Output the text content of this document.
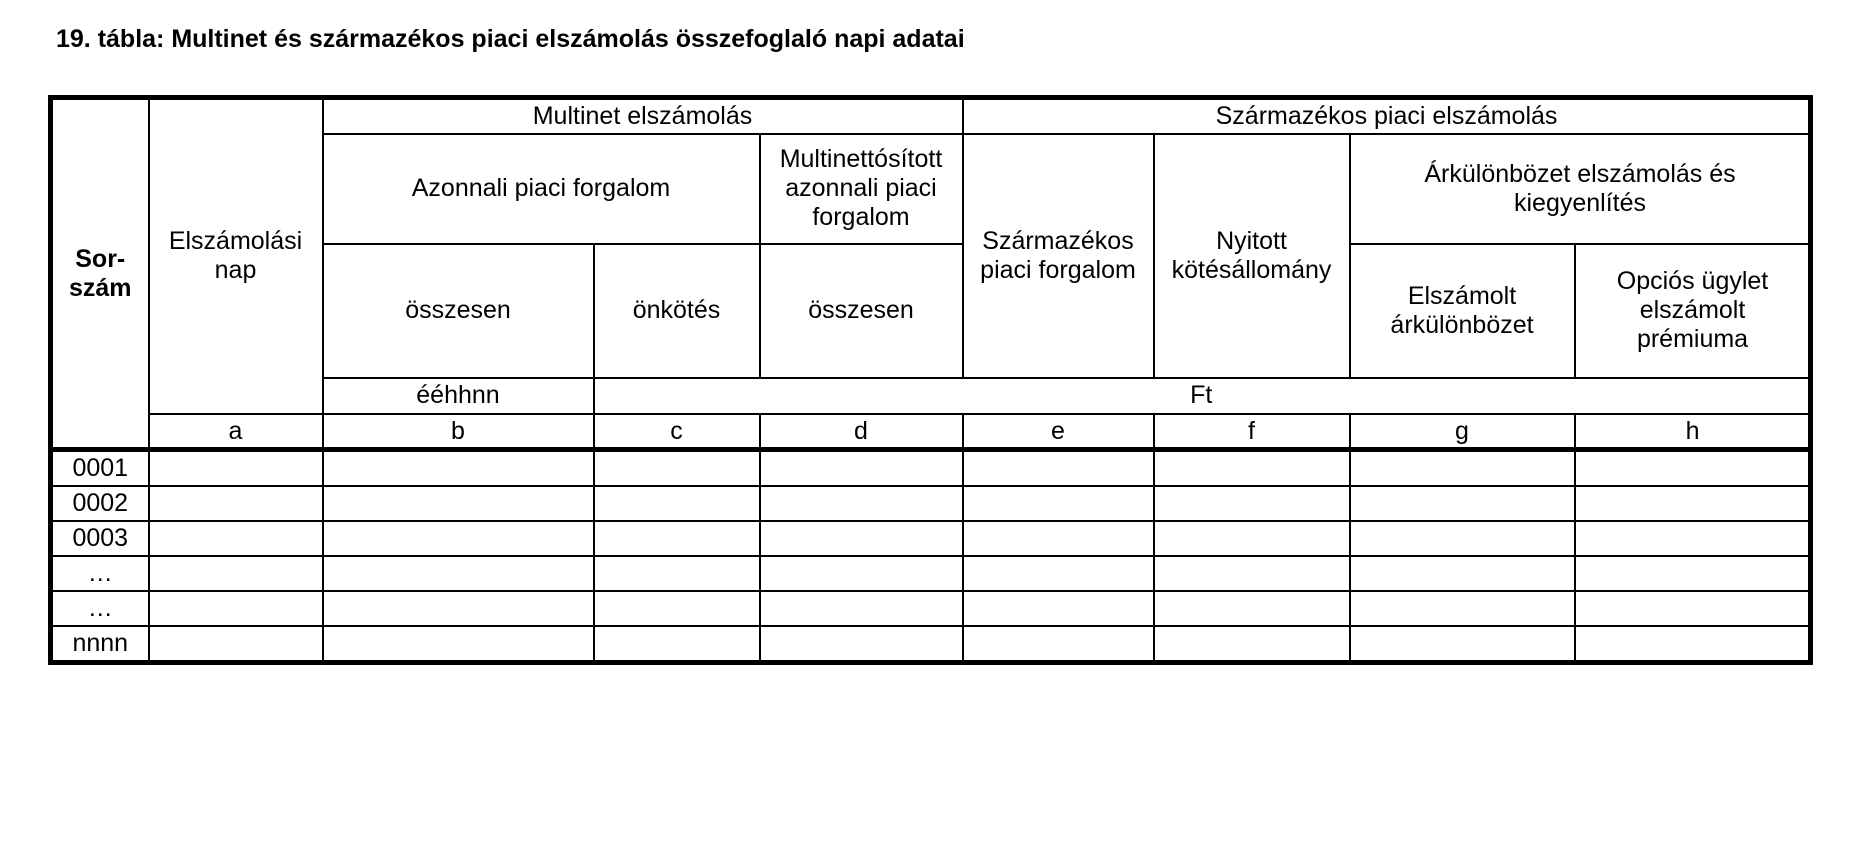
19. tábla: Multinet és származékos piaci elszámolás összefoglaló napi adatai
Sor-szám	Elszámolási nap	Multinet elszámolás			Származékos piaci elszámolás			
		Azonnali piaci forgalom		Multinettósított azonnali piaci forgalom	Származékos piaci forgalom	Nyitott kötésállomány	Árkülönbözet elszámolás és kiegyenlítés	
		összesen	önkötés	összesen			Elszámolt árkülönbözet	Opciós ügylet elszámolt prémiuma
		ééhhnn	Ft					
	a	b	c	d	e	f	g	h

0001								
0002								
0003								
…								
…								
nnnn								
